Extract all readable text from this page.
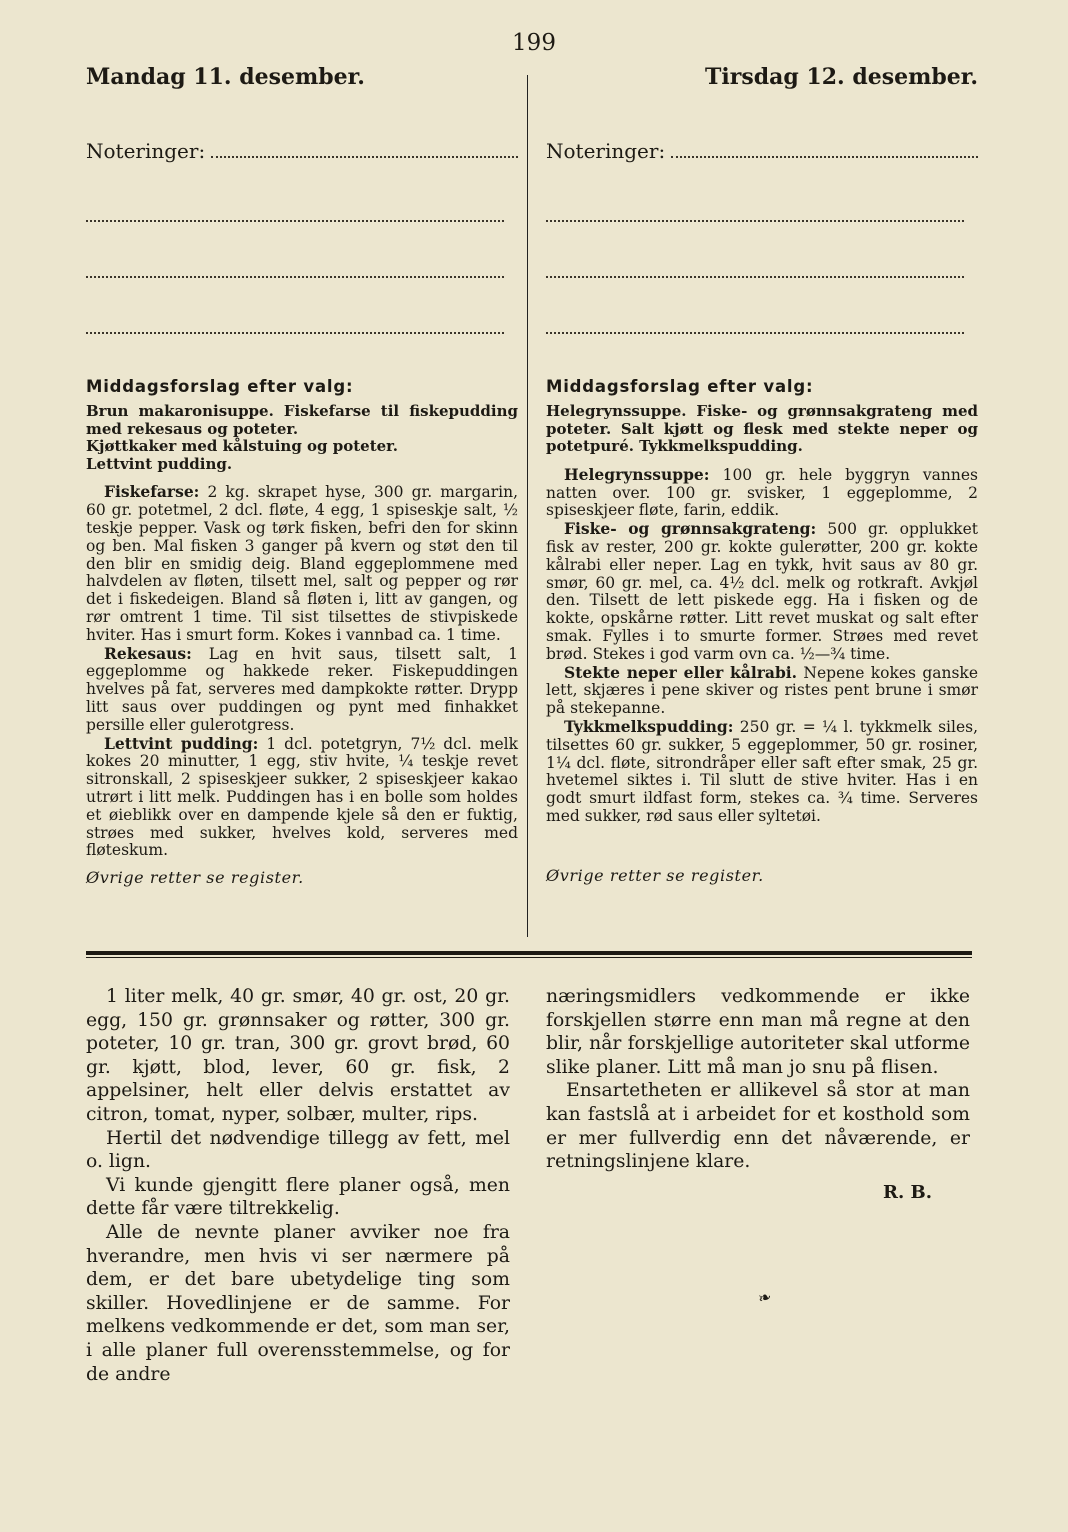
199
Mandag 11. desember.
Noteringer:
Middagsforslag efter valg:

Brun makaronisuppe. Fiskefarse til fiskepudding med rekesaus og poteter.

Kjøttkaker med kålstuing og poteter.

Lettvint pudding.

Fiskefarse: 2 kg. skrapet hyse, 300 gr. margarin, 60 gr. potetmel, 2 dcl. fløte, 4 egg, 1 spiseskje salt, ½ teskje pepper. Vask og tørk fisken, befri den for skinn og ben. Mal fisken 3 ganger på kvern og støt den til den blir en smidig deig. Bland eggeplommene med halvdelen av fløten, tilsett mel, salt og pepper og rør det i fiskedeigen. Bland så fløten i, litt av gangen, og rør omtrent 1 time. Til sist tilsettes de stivpiskede hviter. Has i smurt form. Kokes i vannbad ca. 1 time.

Rekesaus: Lag en hvit saus, tilsett salt, 1 eggeplomme og hakkede reker. Fiskepuddingen hvelves på fat, serveres med dampkokte røtter. Drypp litt saus over puddingen og pynt med finhakket persille eller gulerotgress.

Lettvint pudding: 1 dcl. potetgryn, 7½ dcl. melk kokes 20 minutter, 1 egg, stiv hvite, ¼ teskje revet sitronskall, 2 spiseskjeer sukker, 2 spiseskjeer kakao utrørt i litt melk. Puddingen has i en bolle som holdes et øieblikk over en dampende kjele så den er fuktig, strøes med sukker, hvelves kold, serveres med fløteskum.

Øvrige retter se register.
Tirsdag 12. desember.
Noteringer:
Middagsforslag efter valg:

Helegrynssuppe. Fiske- og grønnsakgrateng med poteter. Salt kjøtt og flesk med stekte neper og potetpuré. Tykkmelkspudding.

Helegrynssuppe: 100 gr. hele byggryn vannes natten over. 100 gr. svisker, 1 eggeplomme, 2 spiseskjeer fløte, farin, eddik.

Fiske- og grønnsakgrateng: 500 gr. opplukket fisk av rester, 200 gr. kokte gulerøtter, 200 gr. kokte kålrabi eller neper. Lag en tykk, hvit saus av 80 gr. smør, 60 gr. mel, ca. 4½ dcl. melk og rotkraft. Avkjøl den. Tilsett de lett piskede egg. Ha i fisken og de kokte, opskårne røtter. Litt revet muskat og salt efter smak. Fylles i to smurte former. Strøes med revet brød. Stekes i god varm ovn ca. ½—¾ time.

Stekte neper eller kålrabi. Nepene kokes ganske lett, skjæres i pene skiver og ristes pent brune i smør på stekepanne.

Tykkmelkspudding: 250 gr. = ¼ l. tykkmelk siles, tilsettes 60 gr. sukker, 5 eggeplommer, 50 gr. rosiner, 1¼ dcl. fløte, sitrondråper eller saft efter smak, 25 gr. hvetemel siktes i. Til slutt de stive hviter. Has i en godt smurt ildfast form, stekes ca. ¾ time. Serveres med sukker, rød saus eller syltetøi.

Øvrige retter se register.

1 liter melk, 40 gr. smør, 40 gr. ost, 20 gr. egg, 150 gr. grønnsaker og røtter, 300 gr. poteter, 10 gr. tran, 300 gr. grovt brød, 60 gr. kjøtt, blod, lever, 60 gr. fisk, 2 appelsiner, helt eller delvis erstattet av citron, tomat, nyper, solbær, multer, rips.

Hertil det nødvendige tillegg av fett, mel o. lign.

Vi kunde gjengitt flere planer også, men dette får være tiltrekkelig.

Alle de nevnte planer avviker noe fra hverandre, men hvis vi ser nærmere på dem, er det bare ubetydelige ting som skiller. Hovedlinjene er de samme. For melkens vedkommende er det, som man ser, i alle planer full overensstemmelse, og for de andre

næringsmidlers vedkommende er ikke forskjellen større enn man må regne at den blir, når forskjellige autoriteter skal utforme slike planer. Litt må man jo snu på flisen.

Ensartetheten er allikevel så stor at man kan fastslå at i arbeidet for et kosthold som er mer fullverdig enn det nåværende, er retningslinjene klare.

R. B.
❧
